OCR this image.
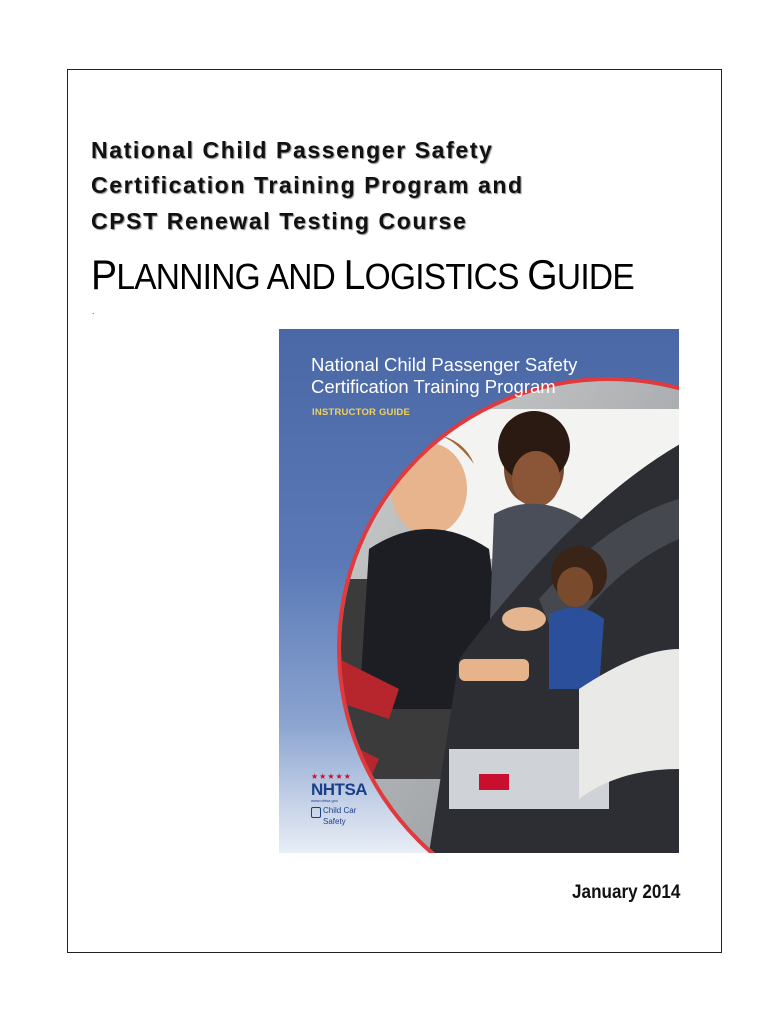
National Child Passenger Safety
Certification Training Program and
CPST Renewal Testing Course
PLANNING AND LOGISTICS GUIDE
.
National Child Passenger Safety
Certification Training Program
INSTRUCTOR GUIDE
★★★★★
NHTSA
www.nhtsa.gov
Child Car
Safety
January 2014
